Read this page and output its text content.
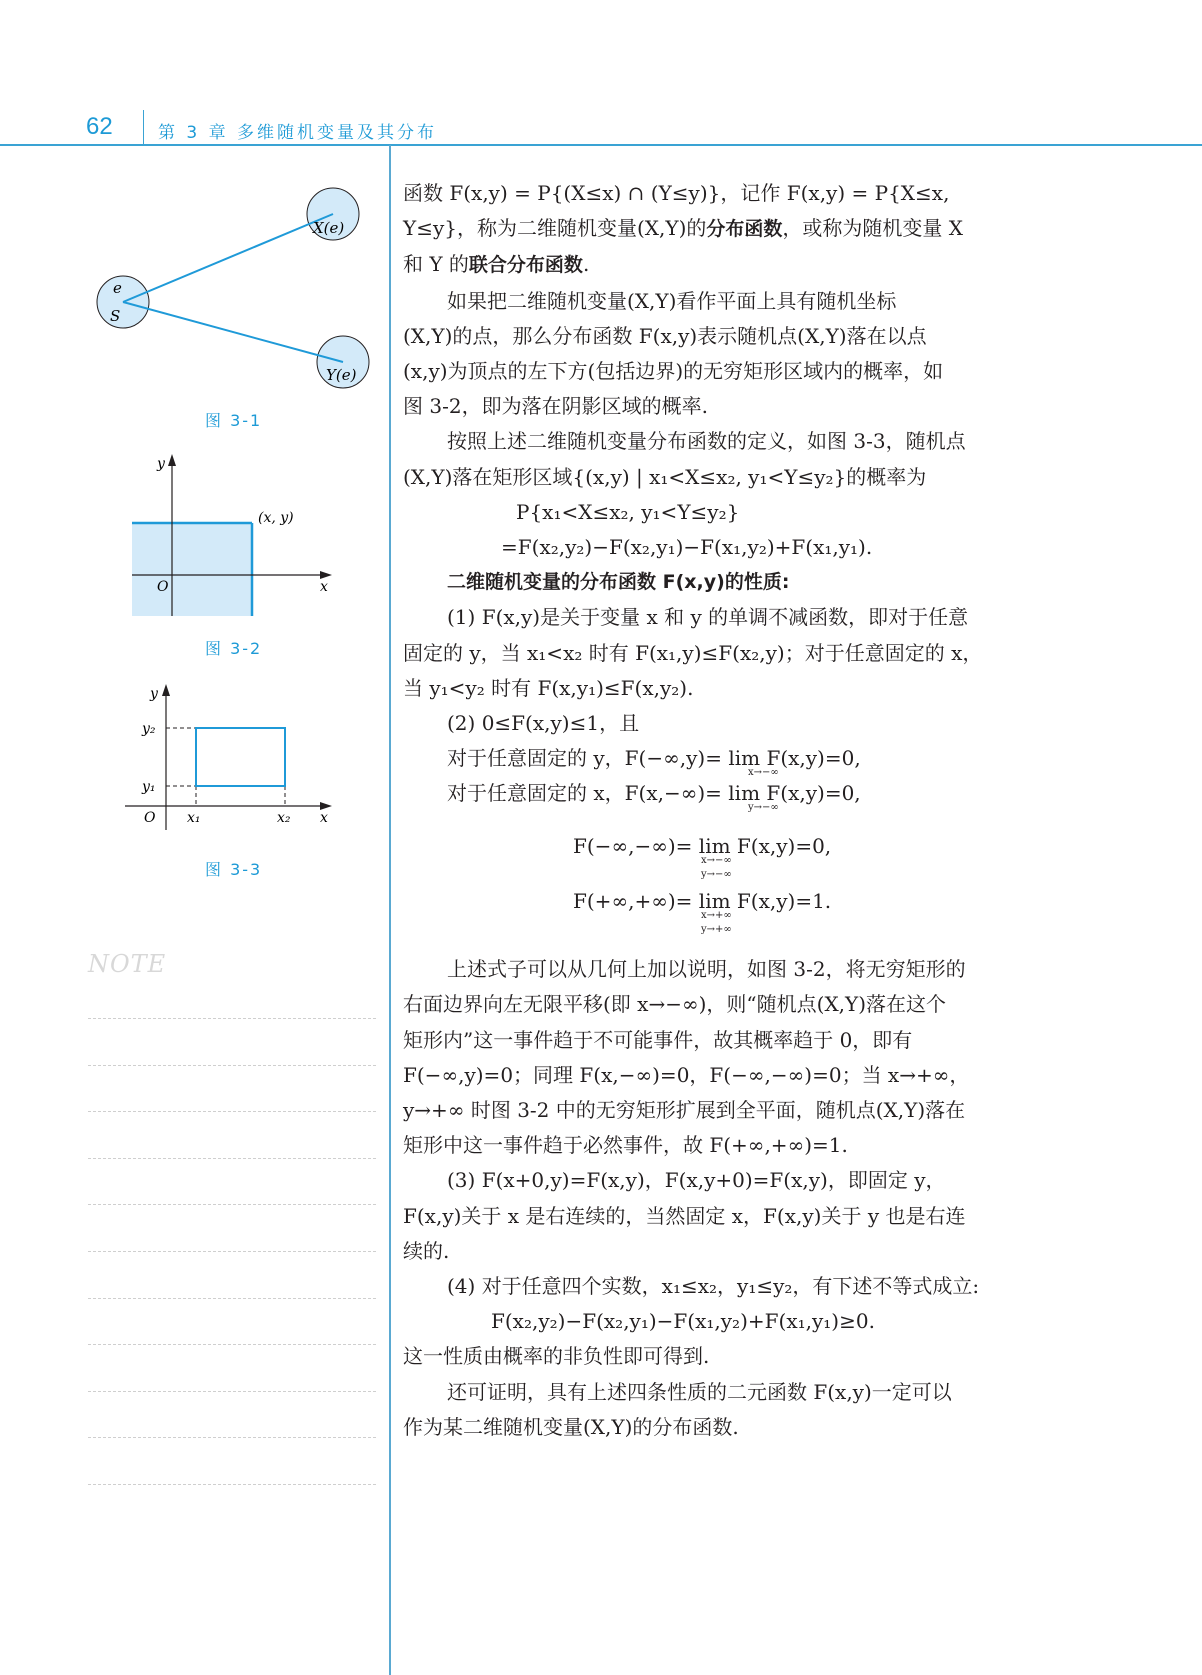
62	第 3 章 多维随机变量及其分布
e
S
X(e)
Y(e)
图 3-1
y
x
O
(x, y)
图 3-2
y
x
O
y₂
y₁
x₁	x₂
图 3-3
NOTE

函数 F(x,y) = P{(X≤x) ∩ (Y≤y)}，记作 F(x,y) = P{X≤x,

Y≤y}，称为二维随机变量(X,Y)的分布函数，或称为随机变量 X

和 Y 的联合分布函数.

如果把二维随机变量(X,Y)看作平面上具有随机坐标

(X,Y)的点，那么分布函数 F(x,y)表示随机点(X,Y)落在以点

(x,y)为顶点的左下方(包括边界)的无穷矩形区域内的概率，如

图 3-2，即为落在阴影区域的概率.

按照上述二维随机变量分布函数的定义，如图 3-3，随机点

(X,Y)落在矩形区域{(x,y) | x₁<X≤x₂, y₁<Y≤y₂}的概率为

P{x₁<X≤x₂, y₁<Y≤y₂}

=F(x₂,y₂)−F(x₂,y₁)−F(x₁,y₂)+F(x₁,y₁).

二维随机变量的分布函数 F(x,y)的性质:

(1) F(x,y)是关于变量 x 和 y 的单调不减函数，即对于任意

固定的 y，当 x₁<x₂ 时有 F(x₁,y)≤F(x₂,y)；对于任意固定的 x，

当 y₁<y₂ 时有 F(x,y₁)≤F(x,y₂).

(2) 0≤F(x,y)≤1，且

对于任意固定的 y，F(−∞,y)= lim F(x,y)=0,
x→−∞
对于任意固定的 x，F(x,−∞)= lim F(x,y)=0,
y→−∞
F(−∞,−∞)= lim F(x,y)=0,
x→−∞
y→−∞
F(+∞,+∞)= lim F(x,y)=1.
x→+∞
y→+∞

上述式子可以从几何上加以说明，如图 3-2，将无穷矩形的

右面边界向左无限平移(即 x→−∞)，则“随机点(X,Y)落在这个

矩形内”这一事件趋于不可能事件，故其概率趋于 0，即有

F(−∞,y)=0；同理 F(x,−∞)=0，F(−∞,−∞)=0；当 x→+∞，

y→+∞ 时图 3-2 中的无穷矩形扩展到全平面，随机点(X,Y)落在

矩形中这一事件趋于必然事件，故 F(+∞,+∞)=1.

(3) F(x+0,y)=F(x,y)，F(x,y+0)=F(x,y)，即固定 y，

F(x,y)关于 x 是右连续的，当然固定 x，F(x,y)关于 y 也是右连

续的.

(4) 对于任意四个实数，x₁≤x₂，y₁≤y₂，有下述不等式成立:

F(x₂,y₂)−F(x₂,y₁)−F(x₁,y₂)+F(x₁,y₁)≥0.

这一性质由概率的非负性即可得到.

还可证明，具有上述四条性质的二元函数 F(x,y)一定可以

作为某二维随机变量(X,Y)的分布函数.
